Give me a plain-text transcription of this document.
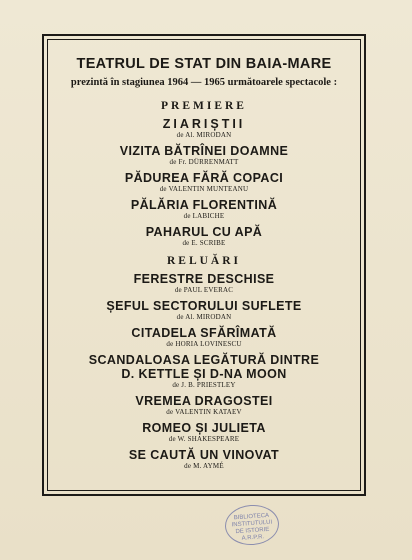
TEATRUL DE STAT DIN BAIA-MARE
prezintă în stagiunea 1964 — 1965 următoarele spectacole :
PREMIERE
ZIARIȘTII
de Al. MIRODAN
VIZITA BĂTRÎNEI DOAMNE
de Fr. DÜRRENMATT
PĂDUREA FĂRĂ COPACI
de VALENTIN MUNTEANU
PĂLĂRIA FLORENTINĂ
de LABICHE
PAHARUL CU APĂ
de E. SCRIBE
RELUĂRI
FERESTRE DESCHISE
de PAUL EVERAC
ȘEFUL SECTORULUI SUFLETE
de Al. MIRODAN
CITADELA SFĂRÎMATĂ
de HORIA LOVINESCU
SCANDALOASA LEGĂTURĂ DINTRE
D. KETTLE ȘI D-NA MOON
de J. B. PRIESTLEY
VREMEA DRAGOSTEI
de VALENTIN KATAEV
ROMEO ȘI JULIETA
de W. SHAKESPEARE
SE CAUTĂ UN VINOVAT
de M. AYMÉ
BIBLIOTECA
INSTITUTULUI
DE ISTORIE
A.R.P.R.
